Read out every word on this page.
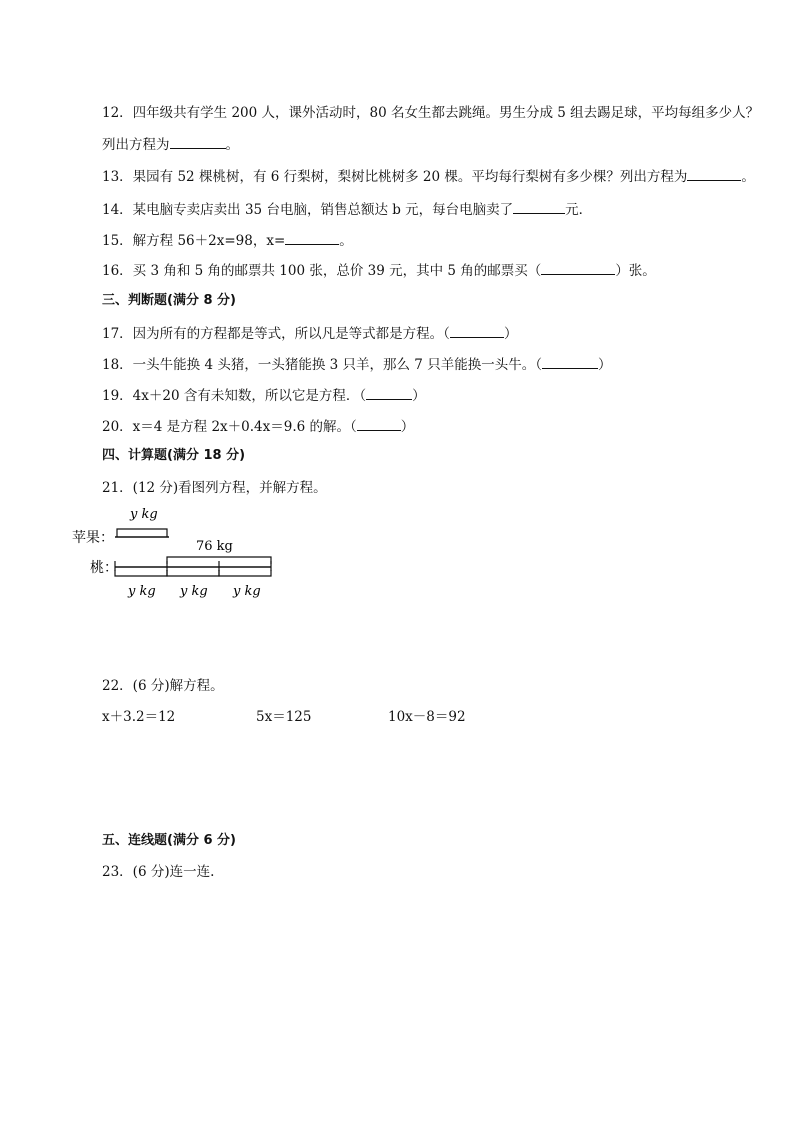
12．四年级共有学生 200 人，课外活动时，80 名女生都去跳绳。男生分成 5 组去踢足球，平均每组多少人？
列出方程为	。
13．果园有 52 棵桃树，有 6 行梨树，梨树比桃树多 20 棵。平均每行梨树有多少棵？列出方程为	。
14．某电脑专卖店卖出 35 台电脑，销售总额达 b 元，每台电脑卖了	元．
15．解方程 56＋2x=98，x=	。
16．买 3 角和 5 角的邮票共 100 张，总价 39 元，其中 5 角的邮票买（	）张。
三、判断题(满分 8 分)
17．因为所有的方程都是等式，所以凡是等式都是方程。（	）
18．一头牛能换 4 头猪，一头猪能换 3 只羊，那么 7 只羊能换一头牛。（	）
19．4x＋20 含有未知数，所以它是方程．（	）
20．x＝4 是方程 2x＋0.4x＝9.6 的解。（	）
四、计算题(满分 18 分)
21．(12 分)看图列方程，并解方程。
苹果：
桃：
y kg
76 kg
y kg y kg y kg
22．(6 分)解方程。
x＋3.2＝12	5x＝125	10x－8＝92
五、连线题(满分 6 分)
23．(6 分)连一连.
